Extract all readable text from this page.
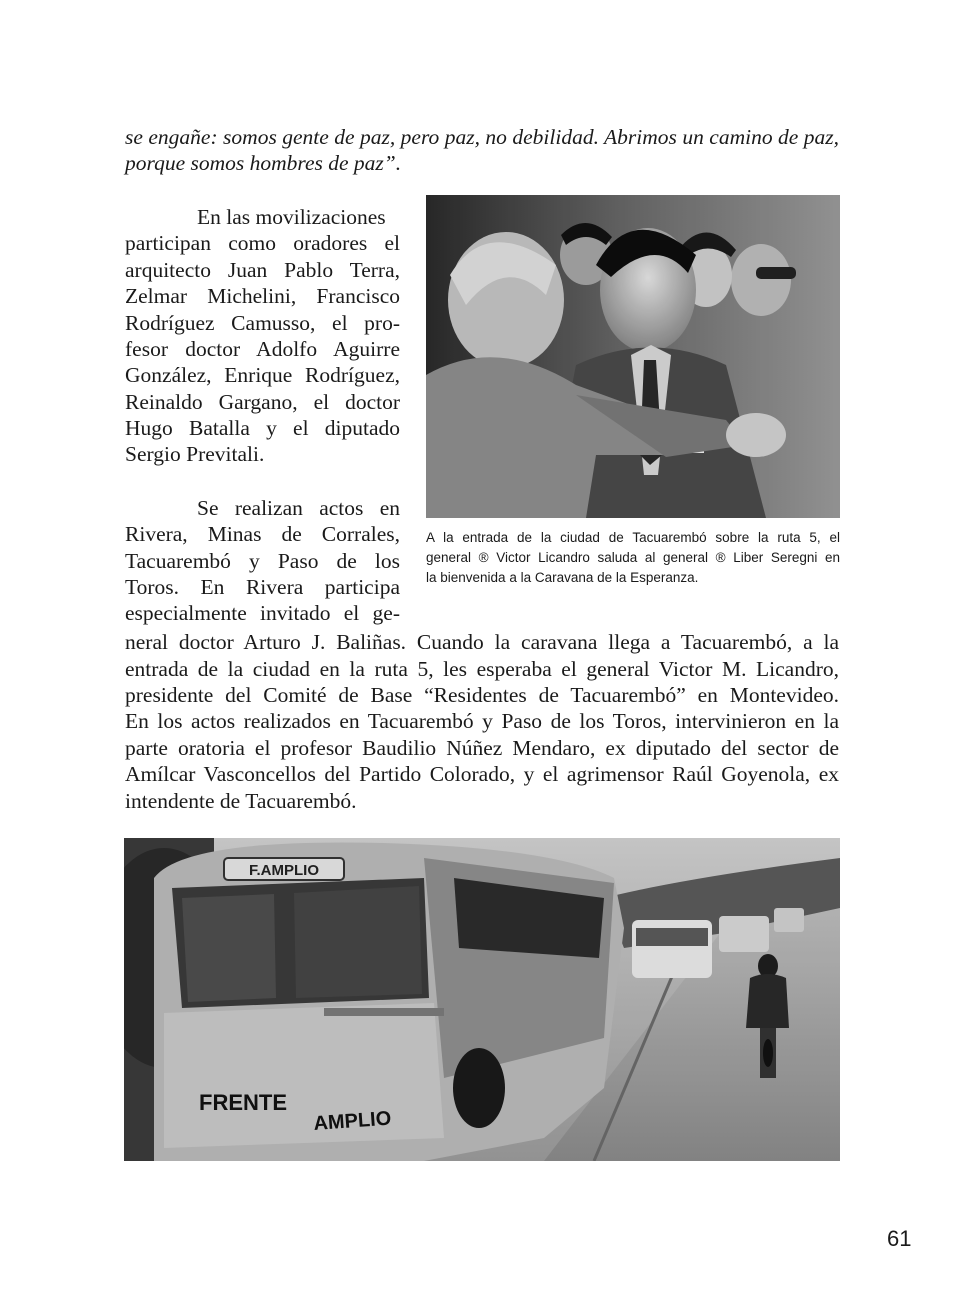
se engañe: somos gente de paz, pero paz, no debilidad. Abrimos un camino de paz,
porque somos hombres de paz”.
En las movilizaciones
participan como oradores el
arquitecto Juan Pablo Terra,
Zelmar Michelini, Francisco
Rodríguez Camusso, el pro-
fesor doctor Adolfo Aguirre
González, Enrique Rodríguez,
Reinaldo Gargano, el doctor
Hugo Batalla y el diputado
Sergio Previtali.
Se realizan actos en
Rivera, Minas de Corrales,
Tacuarembó y Paso de los
Toros. En Rivera participa
especialmente invitado el ge-
neral doctor Arturo J. Baliñas. Cuando la caravana llega a Tacuarembó, a la
entrada de la ciudad en la ruta 5, les esperaba el general Victor M. Licandro,
presidente del Comité de Base “Residentes de Tacuarembó” en Montevideo.
En los actos realizados en Tacuarembó y Paso de los Toros, intervinieron en la
parte oratoria el profesor Baudilio Núñez Mendaro, ex diputado del sector de
Amílcar Vasconcellos del Partido Colorado, y el agrimensor Raúl Goyenola, ex
intendente de Tacuarembó.
A la entrada de la ciudad de Tacuarembó sobre la ruta 5, el
general ® Victor Licandro saluda al general ® Liber Seregni en
la bienvenida a la Caravana de la Esperanza.
F.AMPLIO
FRENTE
AMPLIO
61
